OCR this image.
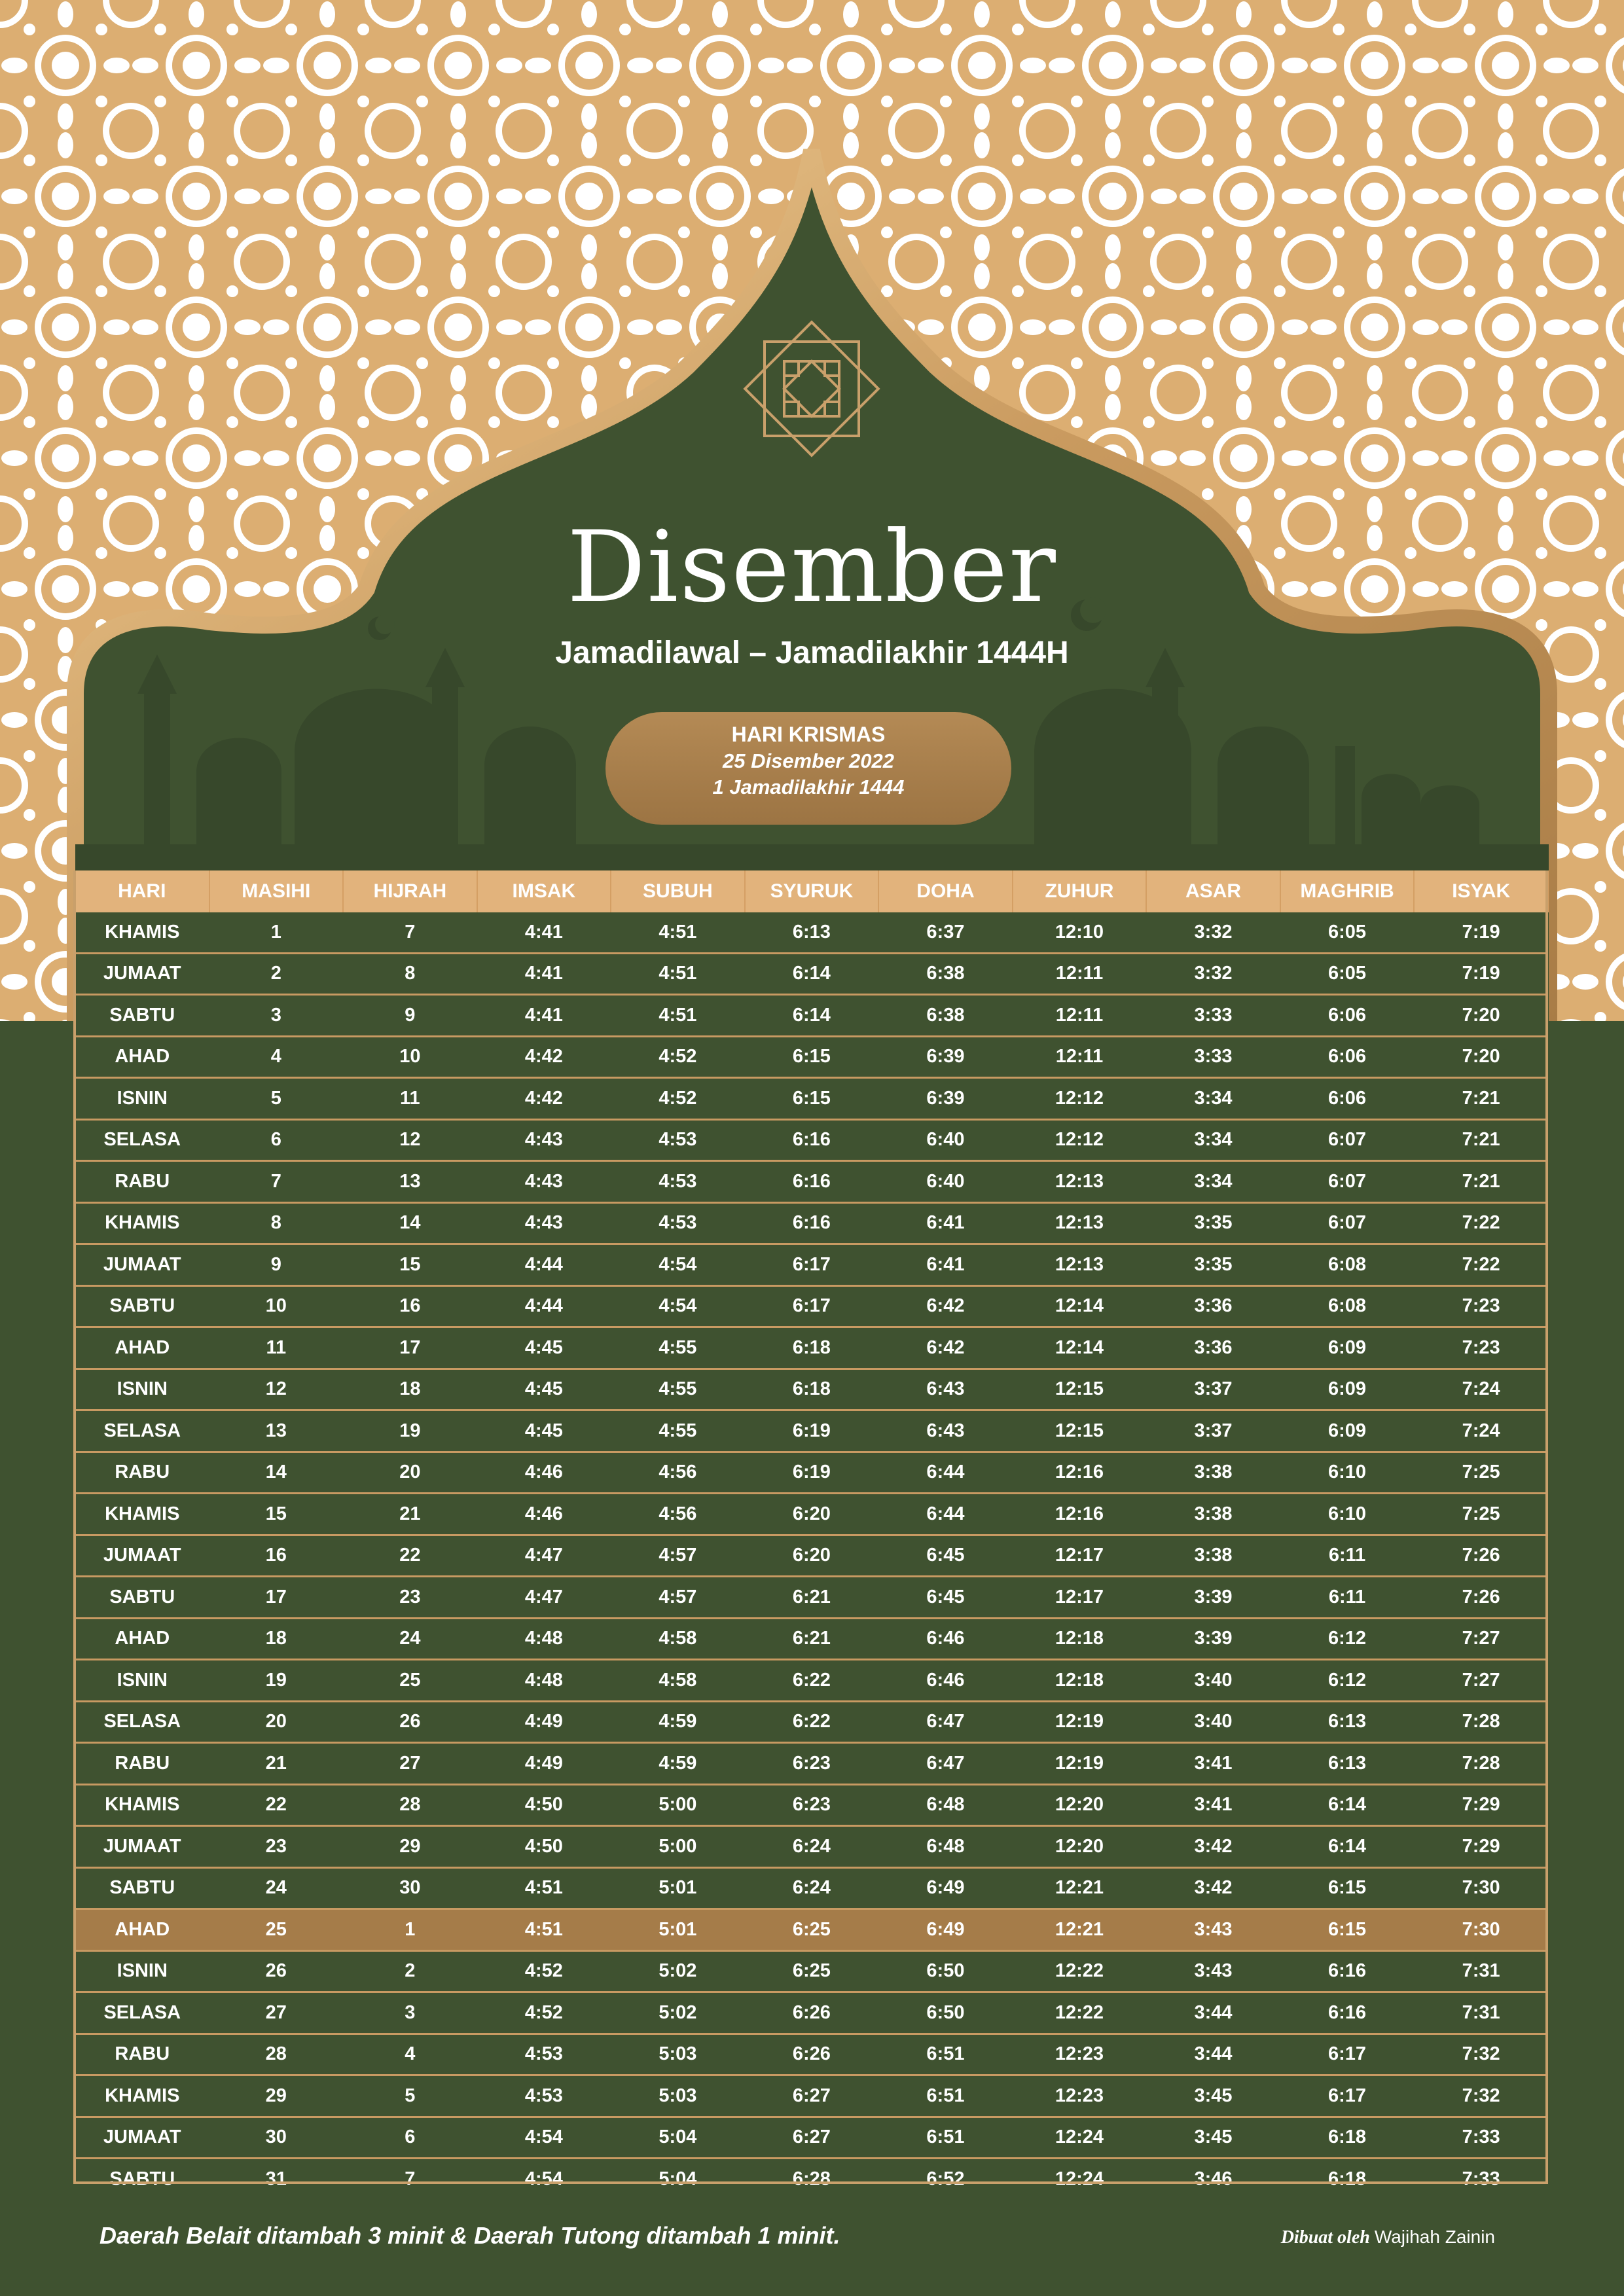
Disember
Jamadilawal – Jamadilakhir 1444H
HARI KRISMAS
25 Disember 2022
1 Jamadilakhir 1444
HARI	MASIHI	HIJRAH	IMSAK	SUBUH	SYURUK	DOHA	ZUHUR	ASAR	MAGHRIB	ISYAK
KHAMIS	1	7	4:41	4:51	6:13	6:37	12:10	3:32	6:05	7:19
JUMAAT	2	8	4:41	4:51	6:14	6:38	12:11	3:32	6:05	7:19
SABTU	3	9	4:41	4:51	6:14	6:38	12:11	3:33	6:06	7:20
AHAD	4	10	4:42	4:52	6:15	6:39	12:11	3:33	6:06	7:20
ISNIN	5	11	4:42	4:52	6:15	6:39	12:12	3:34	6:06	7:21
SELASA	6	12	4:43	4:53	6:16	6:40	12:12	3:34	6:07	7:21
RABU	7	13	4:43	4:53	6:16	6:40	12:13	3:34	6:07	7:21
KHAMIS	8	14	4:43	4:53	6:16	6:41	12:13	3:35	6:07	7:22
JUMAAT	9	15	4:44	4:54	6:17	6:41	12:13	3:35	6:08	7:22
SABTU	10	16	4:44	4:54	6:17	6:42	12:14	3:36	6:08	7:23
AHAD	11	17	4:45	4:55	6:18	6:42	12:14	3:36	6:09	7:23
ISNIN	12	18	4:45	4:55	6:18	6:43	12:15	3:37	6:09	7:24
SELASA	13	19	4:45	4:55	6:19	6:43	12:15	3:37	6:09	7:24
RABU	14	20	4:46	4:56	6:19	6:44	12:16	3:38	6:10	7:25
KHAMIS	15	21	4:46	4:56	6:20	6:44	12:16	3:38	6:10	7:25
JUMAAT	16	22	4:47	4:57	6:20	6:45	12:17	3:38	6:11	7:26
SABTU	17	23	4:47	4:57	6:21	6:45	12:17	3:39	6:11	7:26
AHAD	18	24	4:48	4:58	6:21	6:46	12:18	3:39	6:12	7:27
ISNIN	19	25	4:48	4:58	6:22	6:46	12:18	3:40	6:12	7:27
SELASA	20	26	4:49	4:59	6:22	6:47	12:19	3:40	6:13	7:28
RABU	21	27	4:49	4:59	6:23	6:47	12:19	3:41	6:13	7:28
KHAMIS	22	28	4:50	5:00	6:23	6:48	12:20	3:41	6:14	7:29
JUMAAT	23	29	4:50	5:00	6:24	6:48	12:20	3:42	6:14	7:29
SABTU	24	30	4:51	5:01	6:24	6:49	12:21	3:42	6:15	7:30
AHAD	25	1	4:51	5:01	6:25	6:49	12:21	3:43	6:15	7:30
ISNIN	26	2	4:52	5:02	6:25	6:50	12:22	3:43	6:16	7:31
SELASA	27	3	4:52	5:02	6:26	6:50	12:22	3:44	6:16	7:31
RABU	28	4	4:53	5:03	6:26	6:51	12:23	3:44	6:17	7:32
KHAMIS	29	5	4:53	5:03	6:27	6:51	12:23	3:45	6:17	7:32
JUMAAT	30	6	4:54	5:04	6:27	6:51	12:24	3:45	6:18	7:33
SABTU	31	7	4:54	5:04	6:28	6:52	12:24	3:46	6:18	7:33
Daerah Belait ditambah 3 minit & Daerah Tutong ditambah 1 minit.	Dibuat oleh Wajihah Zainin
